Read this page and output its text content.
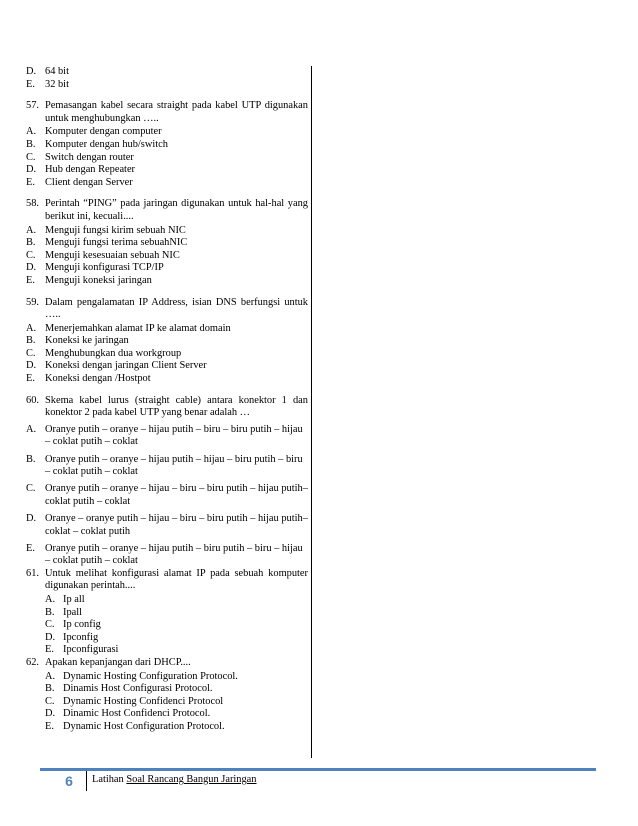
D. 64 bit
E. 32 bit
57. Pemasangan kabel secara straight pada kabel UTP digunakan untuk menghubungkan …..
A. Komputer dengan computer
B. Komputer dengan hub/switch
C. Switch dengan router
D. Hub dengan Repeater
E. Client dengan Server
58. Perintah “PING” pada jaringan digunakan untuk hal-hal yang berikut ini, kecuali....
A. Menguji fungsi kirim sebuah NIC
B. Menguji fungsi terima sebuahNIC
C. Menguji kesesuaian sebuah NIC
D. Menguji konfigurasi TCP/IP
E. Menguji koneksi jaringan
59. Dalam pengalamatan IP Address, isian DNS berfungsi untuk …..
A. Menerjemahkan alamat IP ke alamat domain
B. Koneksi ke jaringan
C. Menghubungkan dua workgroup
D. Koneksi dengan jaringan Client Server
E. Koneksi dengan /Hostpot
60. Skema kabel lurus (straight cable) antara konektor 1 dan konektor 2 pada kabel UTP yang benar adalah …
A. Oranye putih – oranye – hijau putih – biru – biru putih – hijau – coklat putih – coklat
B. Oranye putih – oranye – hijau putih – hijau – biru putih – biru – coklat putih – coklat
C. Oranye putih – oranye – hijau – biru – biru putih – hijau putih– coklat putih – coklat
D. Oranye – oranye putih – hijau – biru – biru putih – hijau putih– coklat – coklat putih
E. Oranye putih – oranye – hijau putih – biru putih – biru – hijau – coklat putih – coklat
61. Untuk melihat konfigurasi alamat IP pada sebuah komputer digunakan perintah....
A. Ip all
B. Ipall
C. Ip config
D. Ipconfig
E. Ipconfigurasi
62. Apakan kepanjangan dari DHCP....
A. Dynamic Hosting Configuration Protocol.
B. Dinamis Host Configurasi Protocol.
C. Dynamic Hosting Confidenci Protocol
D. Dinamic Host Confidenci Protocol.
E. Dynamic Host Configuration Protocol.
6	Latihan Soal Rancang Bangun Jaringan
